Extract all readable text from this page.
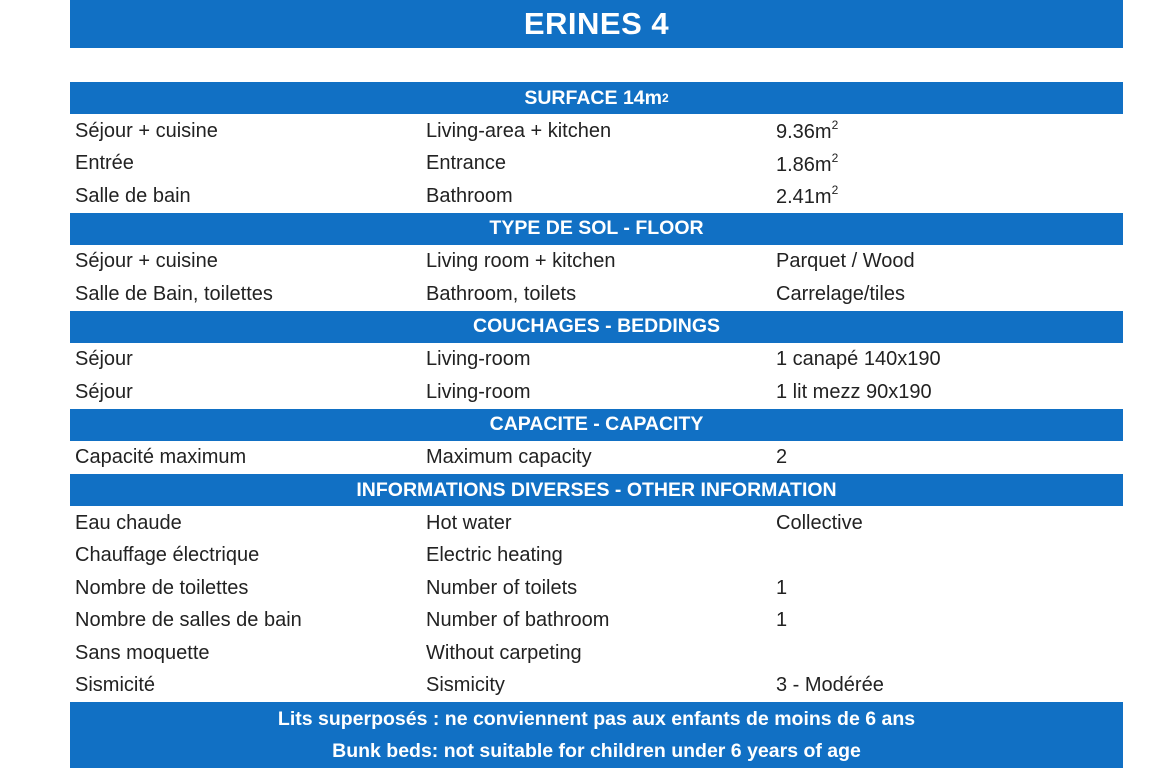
ERINES 4
SURFACE 14m 2
Séjour + cuisine	Living-area + kitchen	$9.36m^2$
Entrée	Entrance	$1.86m^2$
Salle de bain	Bathroom	$2.41m^2$
TYPE DE SOL - FLOOR
Séjour + cuisine	Living room + kitchen	Parquet / Wood
Salle de Bain, toilettes	Bathroom, toilets	Carrelage/tiles
COUCHAGES - BEDDINGS
Séjour	Living-room	1 canapé 140x190
Séjour	Living-room	1 lit mezz 90x190
CAPACITE - CAPACITY
Capacité maximum	Maximum capacity	2
INFORMATIONS DIVERSES - OTHER INFORMATION
Eau chaude	Hot water	Collective
Chauffage électrique	Electric heating
Nombre de toilettes	Number of toilets	1
Nombre de salles de bain	Number of bathroom	1
Sans moquette	Without carpeting
Sismicité	Sismicity	3 - Modérée
Lits superposés : ne conviennent pas aux enfants de moins de 6 ans
Bunk beds: not suitable for children under 6 years of age
